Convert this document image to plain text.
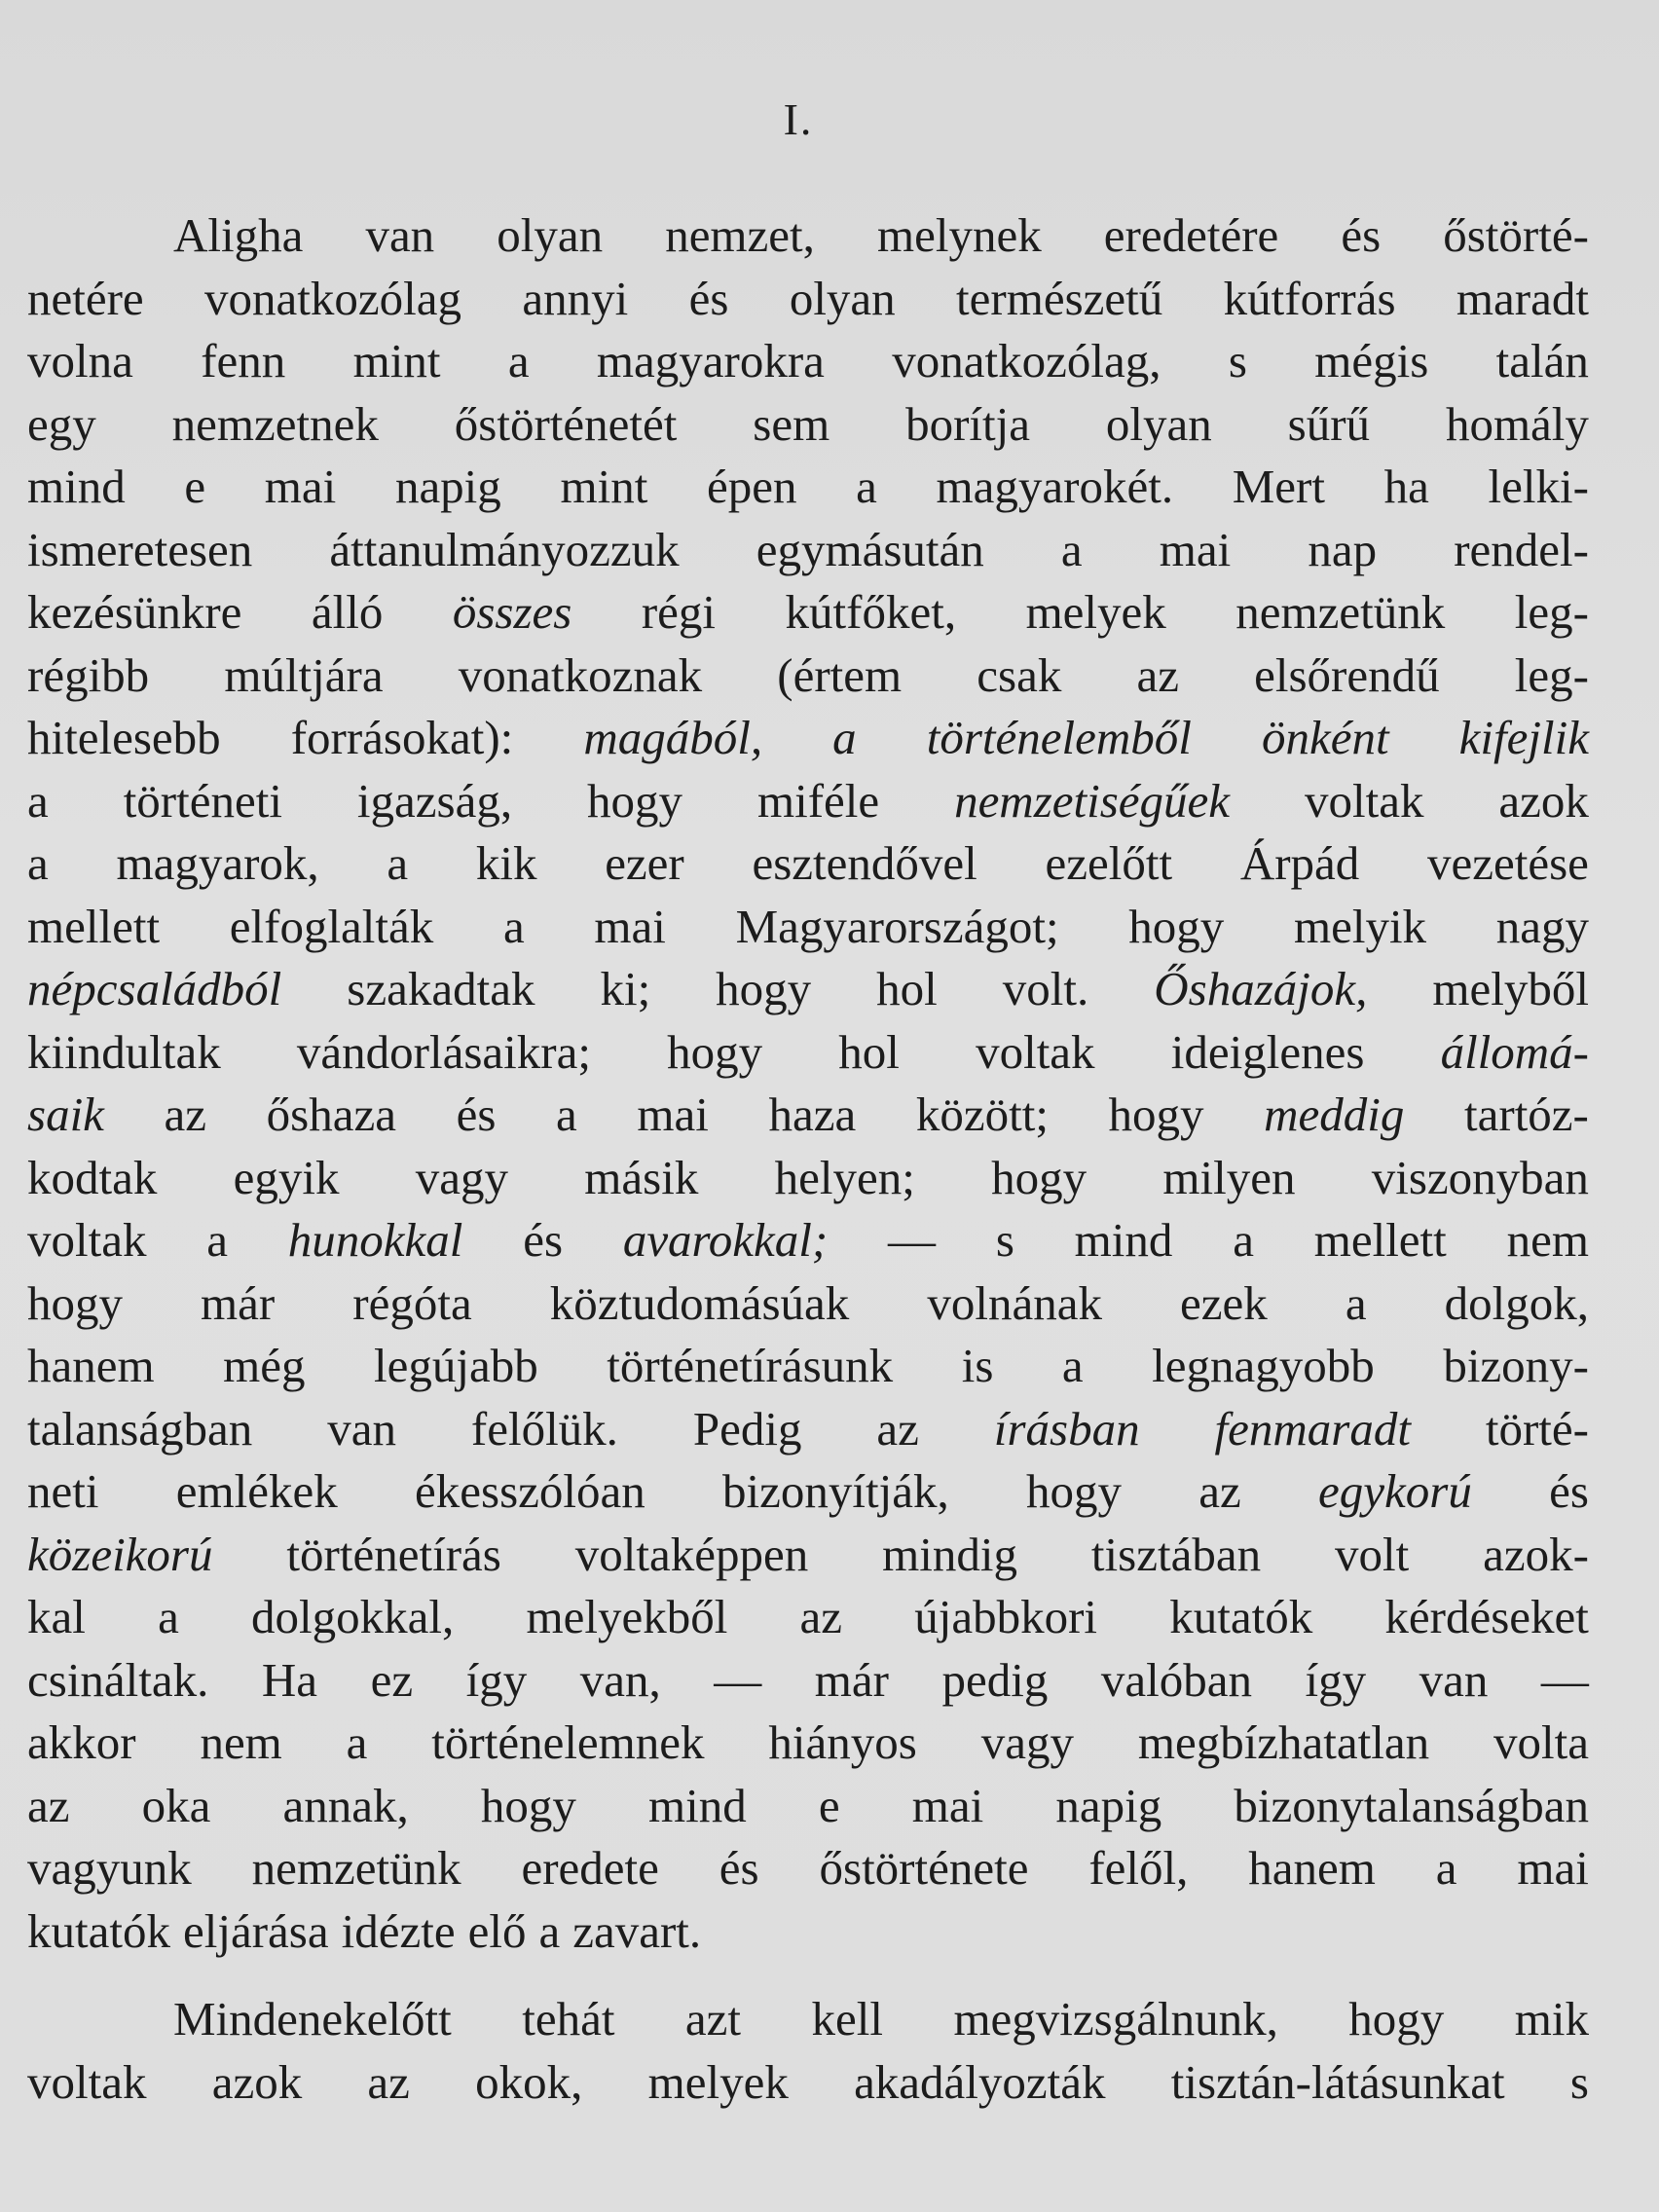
I.
Aligha van olyan nemzet, melynek eredetére és őstörté-
netére vonatkozólag annyi és olyan természetű kútforrás maradt
volna fenn mint a magyarokra vonatkozólag, s mégis talán
egy nemzetnek őstörténetét sem borítja olyan sűrű homály
mind e mai napig mint épen a magyarokét. Mert ha lelki-
ismeretesen áttanulmányozzuk egymásután a mai nap rendel-
kezésünkre álló összes régi kútfőket, melyek nemzetünk leg-
régibb múltjára vonatkoznak (értem csak az elsőrendű leg-
hitelesebb forrásokat): magából, a történelemből önként kifejlik
a történeti igazság, hogy miféle nemzetiségűek voltak azok
a magyarok, a kik ezer esztendővel ezelőtt Árpád vezetése
mellett elfoglalták a mai Magyarországot; hogy melyik nagy
népcsaládból szakadtak ki; hogy hol volt. Őshazájok, melyből
kiindultak vándorlásaikra; hogy hol voltak ideiglenes állomá-
saik az őshaza és a mai haza között; hogy meddig tartóz-
kodtak egyik vagy másik helyen; hogy milyen viszonyban
voltak a hunokkal és avarokkal; — s mind a mellett nem
hogy már régóta köztudomásúak volnának ezek a dolgok,
hanem még legújabb történetírásunk is a legnagyobb bizony-
talanságban van felőlük. Pedig az írásban fenmaradt törté-
neti emlékek ékesszólóan bizonyítják, hogy az egykorú és
közeikorú történetírás voltaképpen mindig tisztában volt azok-
kal a dolgokkal, melyekből az újabbkori kutatók kérdéseket
csináltak. Ha ez így van, — már pedig valóban így van —
akkor nem a történelemnek hiányos vagy megbízhatatlan volta
az oka annak, hogy mind e mai napig bizonytalanságban
vagyunk nemzetünk eredete és őstörténete felől, hanem a mai
kutatók eljárása idézte elő a zavart.
Mindenekelőtt tehát azt kell megvizsgálnunk, hogy mik
voltak azok az okok, melyek akadályozták tisztán-látásunkat s
